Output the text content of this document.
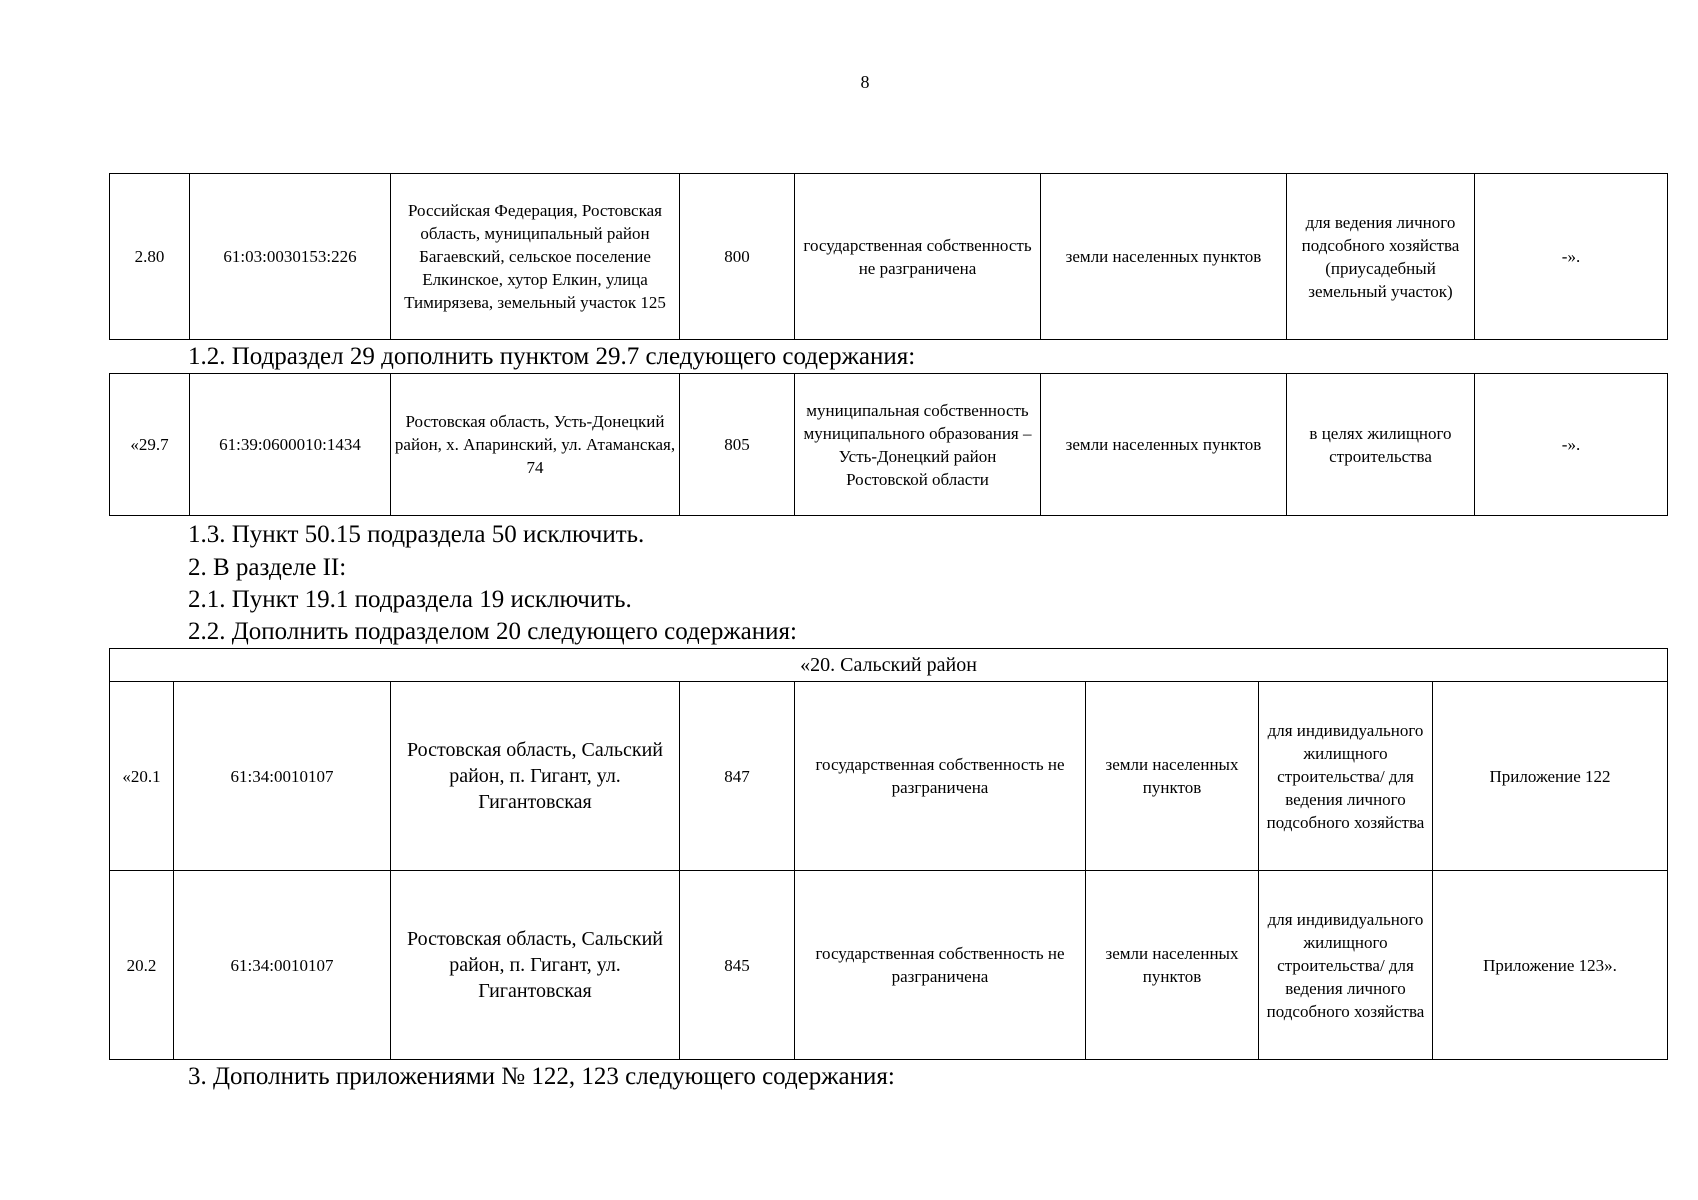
8
2.80	61:03:0030153:226	Российская Федерация, Ростовская область, муниципальный район Багаевский, сельское поселение Елкинское, хутор Елкин, улица Тимирязева, земельный участок 125	800	государственная собственность не разграничена	земли населенных пунктов	для ведения личного подсобного хозяйства (приусадебный земельный участок)	-».
1.2. Подраздел 29 дополнить пунктом 29.7 следующего содержания:
«29.7	61:39:0600010:1434	Ростовская область, Усть-Донецкий район, х. Апаринский, ул. Атаманская, 74	805	муниципальная собственность муниципального образования – Усть-Донецкий район Ростовской области	земли населенных пунктов	в целях жилищного строительства	-».
1.3. Пункт 50.15 подраздела 50 исключить.
2. В разделе II:
2.1. Пункт 19.1 подраздела 19 исключить.
2.2. Дополнить подразделом 20 следующего содержания:
«20. Сальский район							
«20.1	61:34:0010107	Ростовская область, Сальский район, п. Гигант, ул. Гигантовская	847	государственная собственность не разграничена	земли населенных пунктов	для индивидуального жилищного строительства/ для ведения личного подсобного хозяйства	Приложение 122
20.2	61:34:0010107	Ростовская область, Сальский район, п. Гигант, ул. Гигантовская	845	государственная собственность не разграничена	земли населенных пунктов	для индивидуального жилищного строительства/ для ведения личного подсобного хозяйства	Приложение 123».
3. Дополнить приложениями № 122, 123 следующего содержания:
